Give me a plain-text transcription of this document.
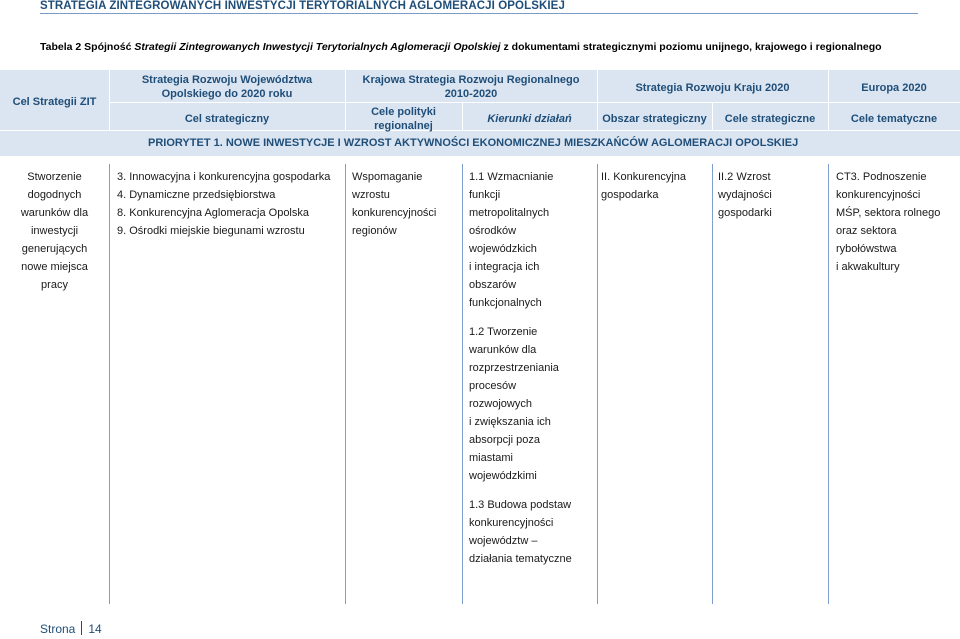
STRATEGIA ZINTEGROWANYCH INWESTYCJI TERYTORIALNYCH AGLOMERACJI OPOLSKIEJ
Tabela 2 Spójność Strategii Zintegrowanych Inwestycji Terytorialnych Aglomeracji Opolskiej z dokumentami strategicznymi poziomu unijnego, krajowego i regionalnego
Cel Strategii ZIT
Strategia Rozwoju Województwa
Opolskiego do 2020 roku
Cel strategiczny
Krajowa Strategia Rozwoju Regionalnego
2010-2020
Cele polityki
regionalnej
Kierunki działań
Strategia Rozwoju Kraju 2020
Obszar strategiczny	Cele strategiczne
Europa 2020
Cele tematyczne
PRIORYTET 1. NOWE INWESTYCJE I WZROST AKTYWNOŚCI EKONOMICZNEJ MIESZKAŃCÓW AGLOMERACJI OPOLSKIEJ

Stworzenie

dogodnych

warunków dla

inwestycji

generujących

nowe miejsca

pracy

3. Innowacyjna i konkurencyjna gospodarka

4. Dynamiczne przedsiębiorstwa

8. Konkurencyjna Aglomeracja Opolska

9. Ośrodki miejskie biegunami wzrostu

Wspomaganie

wzrostu

konkurencyjności

regionów

1.1 Wzmacnianie

funkcji

metropolitalnych

ośrodków

wojewódzkich

i integracja ich

obszarów

funkcjonalnych

1.2 Tworzenie

warunków dla

rozprzestrzeniania

procesów

rozwojowych

i zwiększania ich

absorpcji poza

miastami

wojewódzkimi

1.3 Budowa podstaw

konkurencyjności

województw –

działania tematyczne

II. Konkurencyjna

gospodarka

II.2 Wzrost

wydajności

gospodarki

CT3. Podnoszenie

konkurencyjności

MŚP, sektora rolnego

oraz sektora

rybołówstwa

i akwakultury

Strona 14
